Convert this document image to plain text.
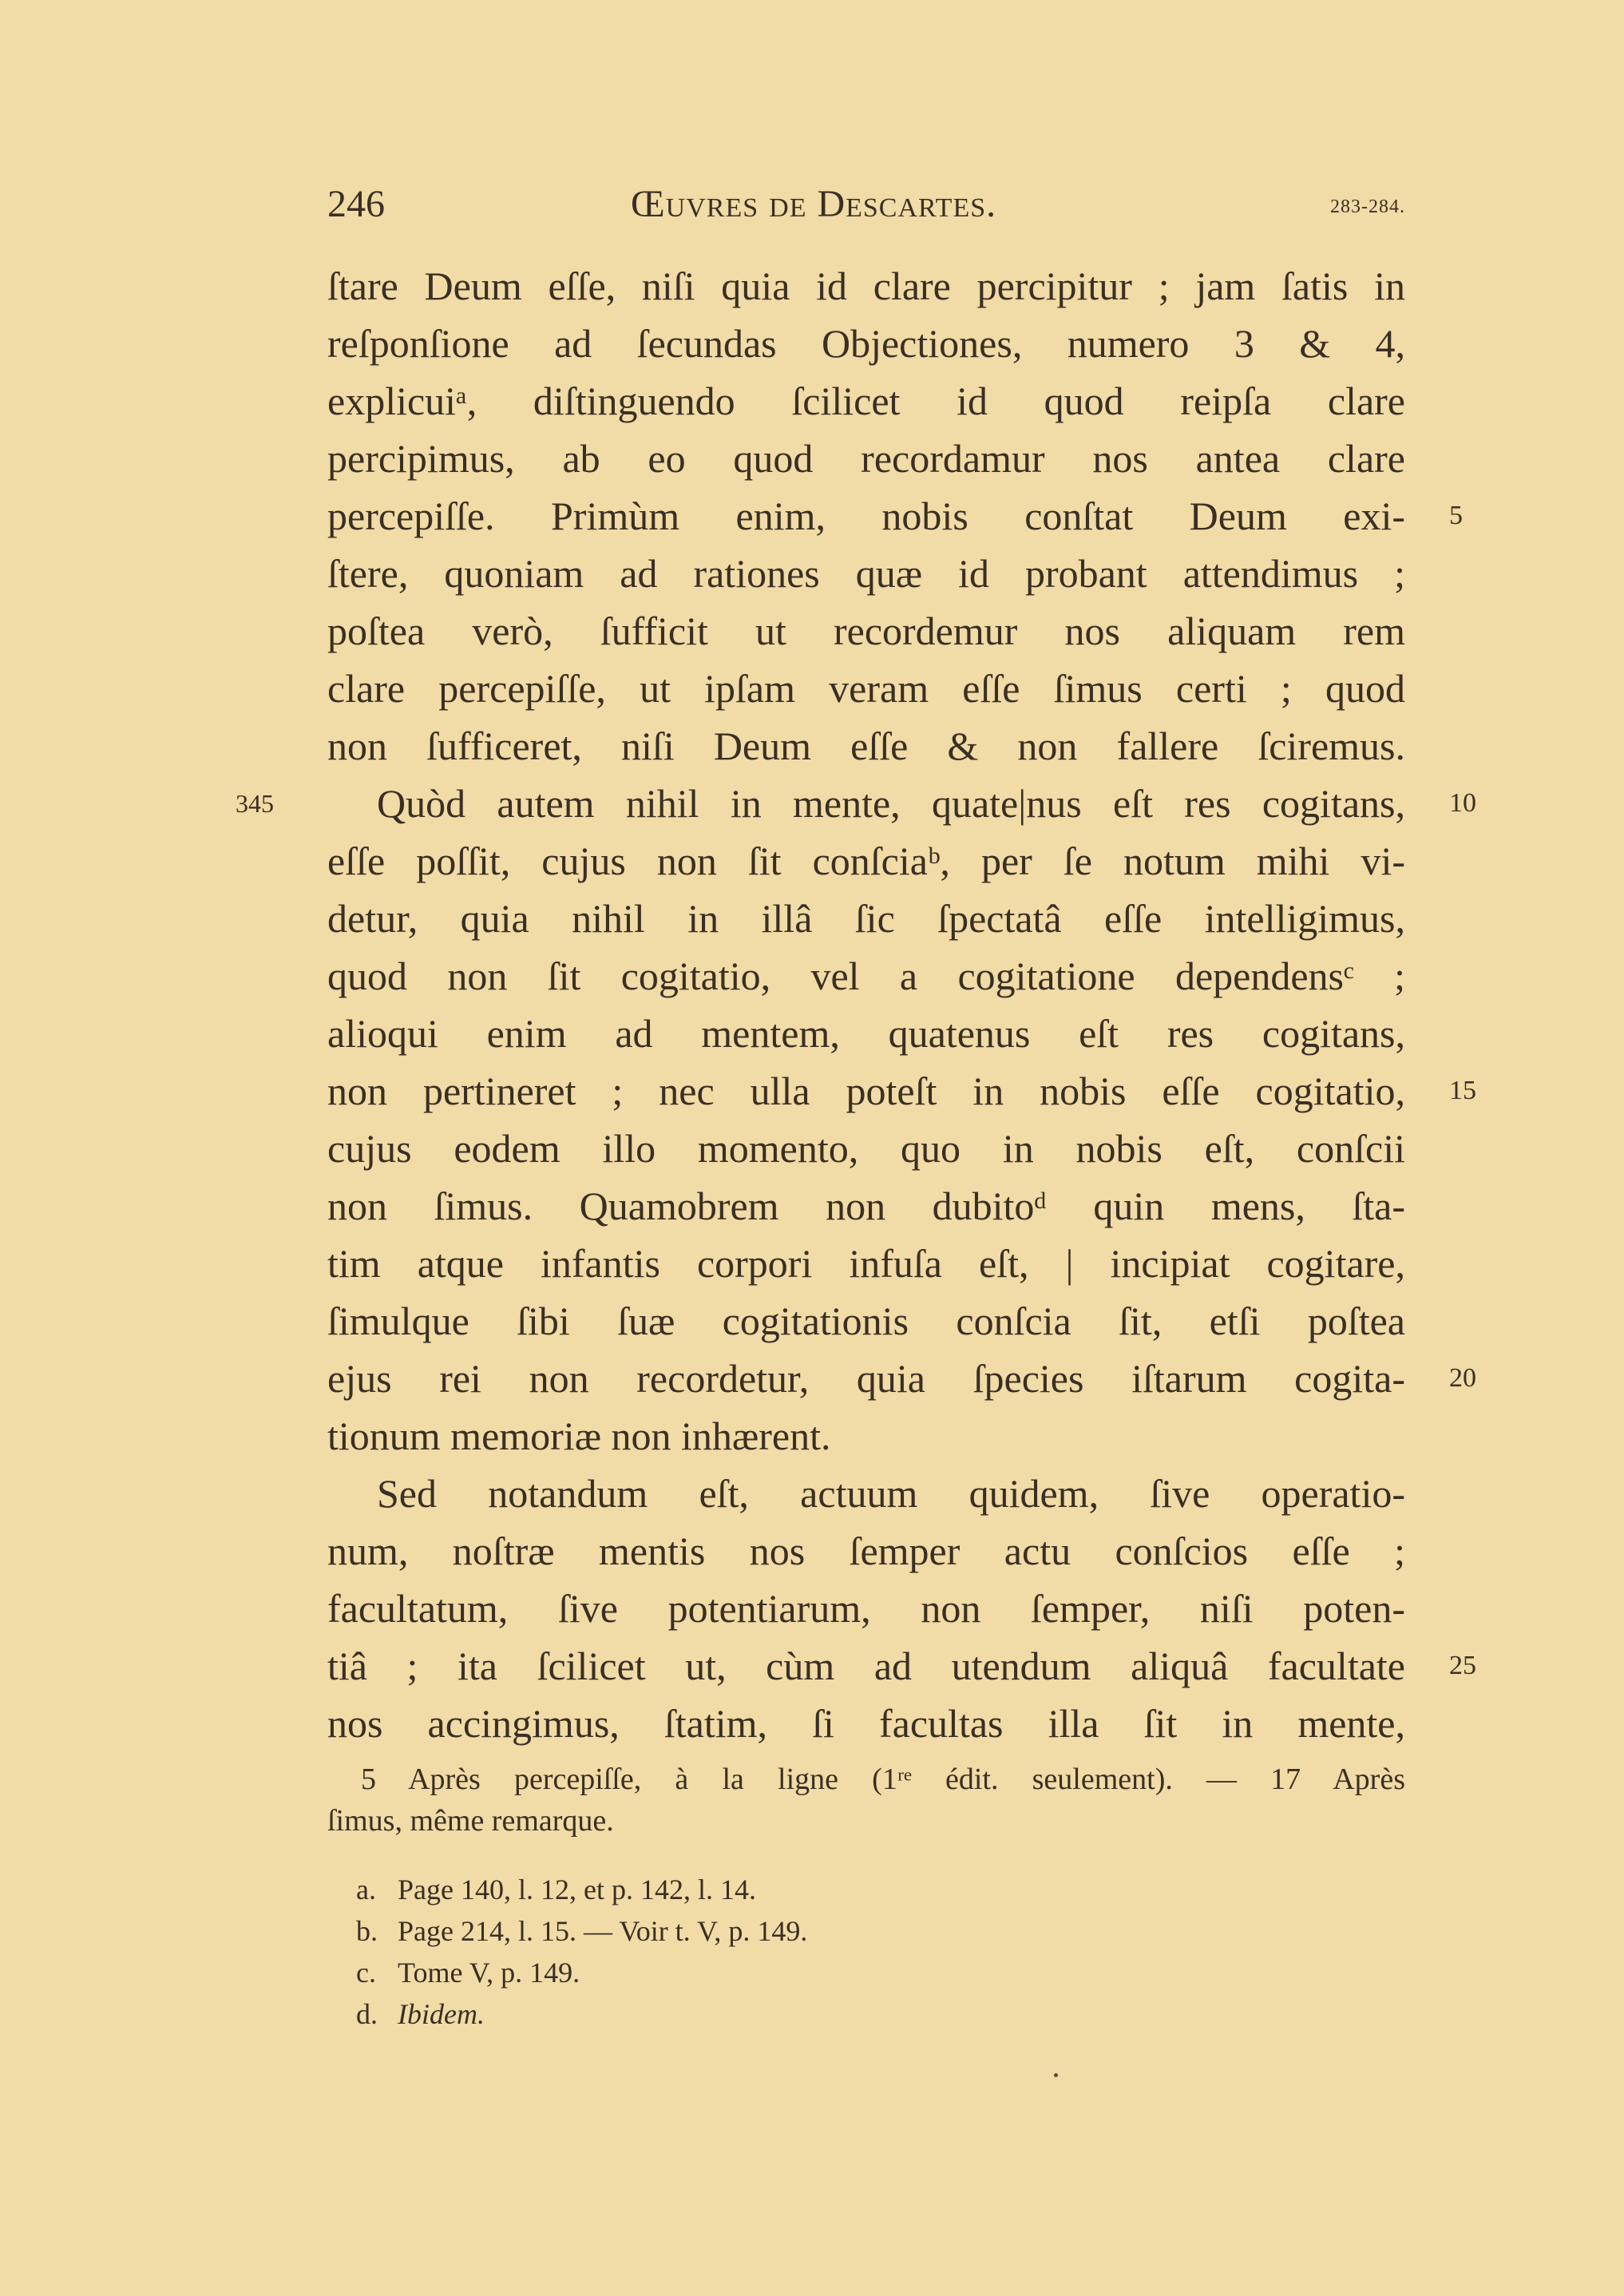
246	Œuvres de Descartes.	283-284.
ſtare Deum eſſe, niſi quia id clare percipitur ; jam ſatis in
reſponſione ad ſecundas Objectiones, numero 3 & 4,
explicuiᵃ, diſtinguendo ſcilicet id quod reipſa clare
percipimus, ab eo quod recordamur nos antea clare
percepiſſe. Primùm enim, nobis conſtat Deum exi-
ſtere, quoniam ad rationes quæ id probant attendimus ;
poſtea verò, ſufficit ut recordemur nos aliquam rem
clare percepiſſe, ut ipſam veram eſſe ſimus certi ; quod
non ſufficeret, niſi Deum eſſe & non fallere ſciremus.
Quòd autem nihil in mente, quate|nus eſt res cogitans,
eſſe poſſit, cujus non ſit conſciaᵇ, per ſe notum mihi vi-
detur, quia nihil in illâ ſic ſpectatâ eſſe intelligimus,
quod non ſit cogitatio, vel a cogitatione dependensᶜ ;
alioqui enim ad mentem, quatenus eſt res cogitans,
non pertineret ; nec ulla poteſt in nobis eſſe cogitatio,
cujus eodem illo momento, quo in nobis eſt, conſcii
non ſimus. Quamobrem non dubitoᵈ quin mens, ſta-
tim atque infantis corpori infuſa eſt, | incipiat cogitare,
ſimulque ſibi ſuæ cogitationis conſcia ſit, etſi poſtea
ejus rei non recordetur, quia ſpecies iſtarum cogita-
tionum memoriæ non inhærent.
Sed notandum eſt, actuum quidem, ſive operatio-
num, noſtræ mentis nos ſemper actu conſcios eſſe ;
facultatum, ſive potentiarum, non ſemper, niſi poten-
tiâ ; ita ſcilicet ut, cùm ad utendum aliquâ facultate
nos accingimus, ſtatim, ſi facultas illa ſit in mente,
5
10
15
20
25
345
5 Après percepiſſe, à la ligne (1ʳᵉ édit. seulement). — 17 Après
ſimus, même remarque.
a. Page 140, l. 12, et p. 142, l. 14.
b. Page 214, l. 15. — Voir t. V, p. 149.
c. Tome V, p. 149.
d. Ibidem.
